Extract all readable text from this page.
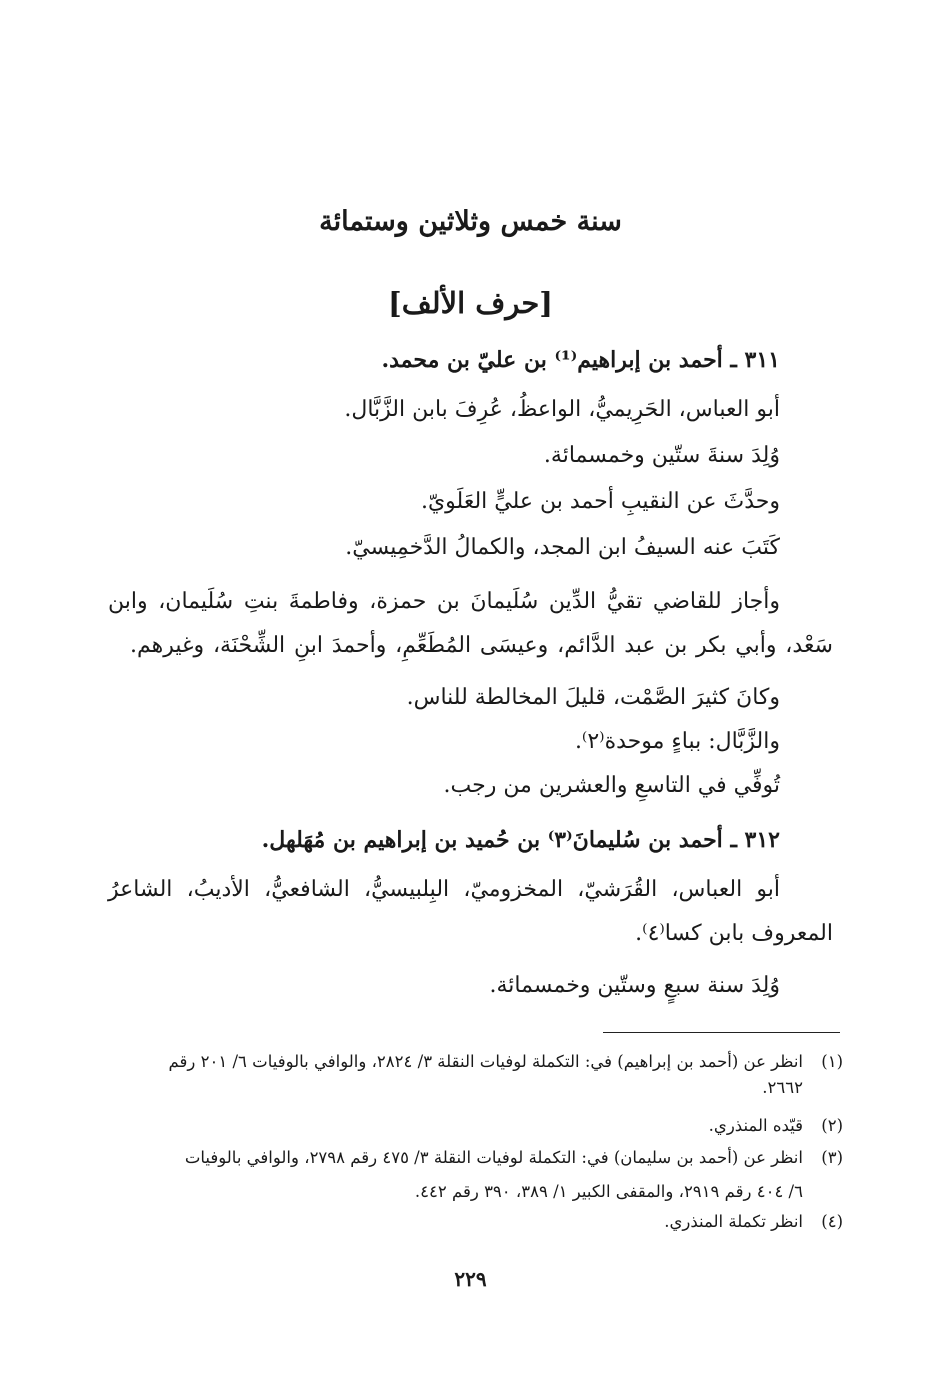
سنة خمس وثلاثين وستمائة
[حرف الألف]
٣١١ ـ أحمد بن إبراهيم⁽¹⁾ بن عليّ بن محمد.
أبو العباس، الحَرِيميُّ، الواعظُ، عُرِفَ بابن الزَّبَّال.
وُلِدَ سنةَ ستّين وخمسمائة.
وحدَّثَ عن النقيبِ أحمد بن عليٍّ العَلَويّ.
كَتَبَ عنه السيفُ ابن المجد، والكمالُ الدَّخمِيسيّ.
وأجاز للقاضي تقيُّ الدِّين سُلَيمانَ بن حمزة، وفاطمةَ بنتِ سُلَيمان، وابن
سَعْد، وأبي بكر بن عبد الدَّائم، وعيسَى المُطَعِّمِ، وأحمدَ ابنِ الشِّحْنَة، وغيرهم.
وكانَ كثيرَ الصَّمْت، قليلَ المخالطة للناس.
والزَّبَّال: بباءٍ موحدة⁽٢⁾.
تُوفِّي في التاسعِ والعشرين من رجب.
٣١٢ ـ أحمد بن سُليمانَ⁽٣⁾ بن حُميد بن إبراهيم بن مُهَلهل.
أبو العباس، القُرَشيّ، المخزوميّ، البِلبيسيُّ، الشافعيُّ، الأديبُ، الشاعرُ
المعروف بابن كسا⁽٤⁾.
وُلِدَ سنة سبعٍ وستّين وخمسمائة.
(١)انظر عن (أحمد بن إبراهيم) في: التكملة لوفيات النقلة ٣/ ٢٨٢٤، والوافي بالوفيات ٦/ ٢٠١ رقم
٢٦٦٢.
(٢)قيّده المنذري.
(٣)انظر عن (أحمد بن سليمان) في: التكملة لوفيات النقلة ٣/ ٤٧٥ رقم ٢٧٩٨، والوافي بالوفيات
٦/ ٤٠٤ رقم ٢٩١٩، والمقفى الكبير ١/ ٣٨٩، ٣٩٠ رقم ٤٤٢.
(٤)انظر تكملة المنذري.
٢٢٩
